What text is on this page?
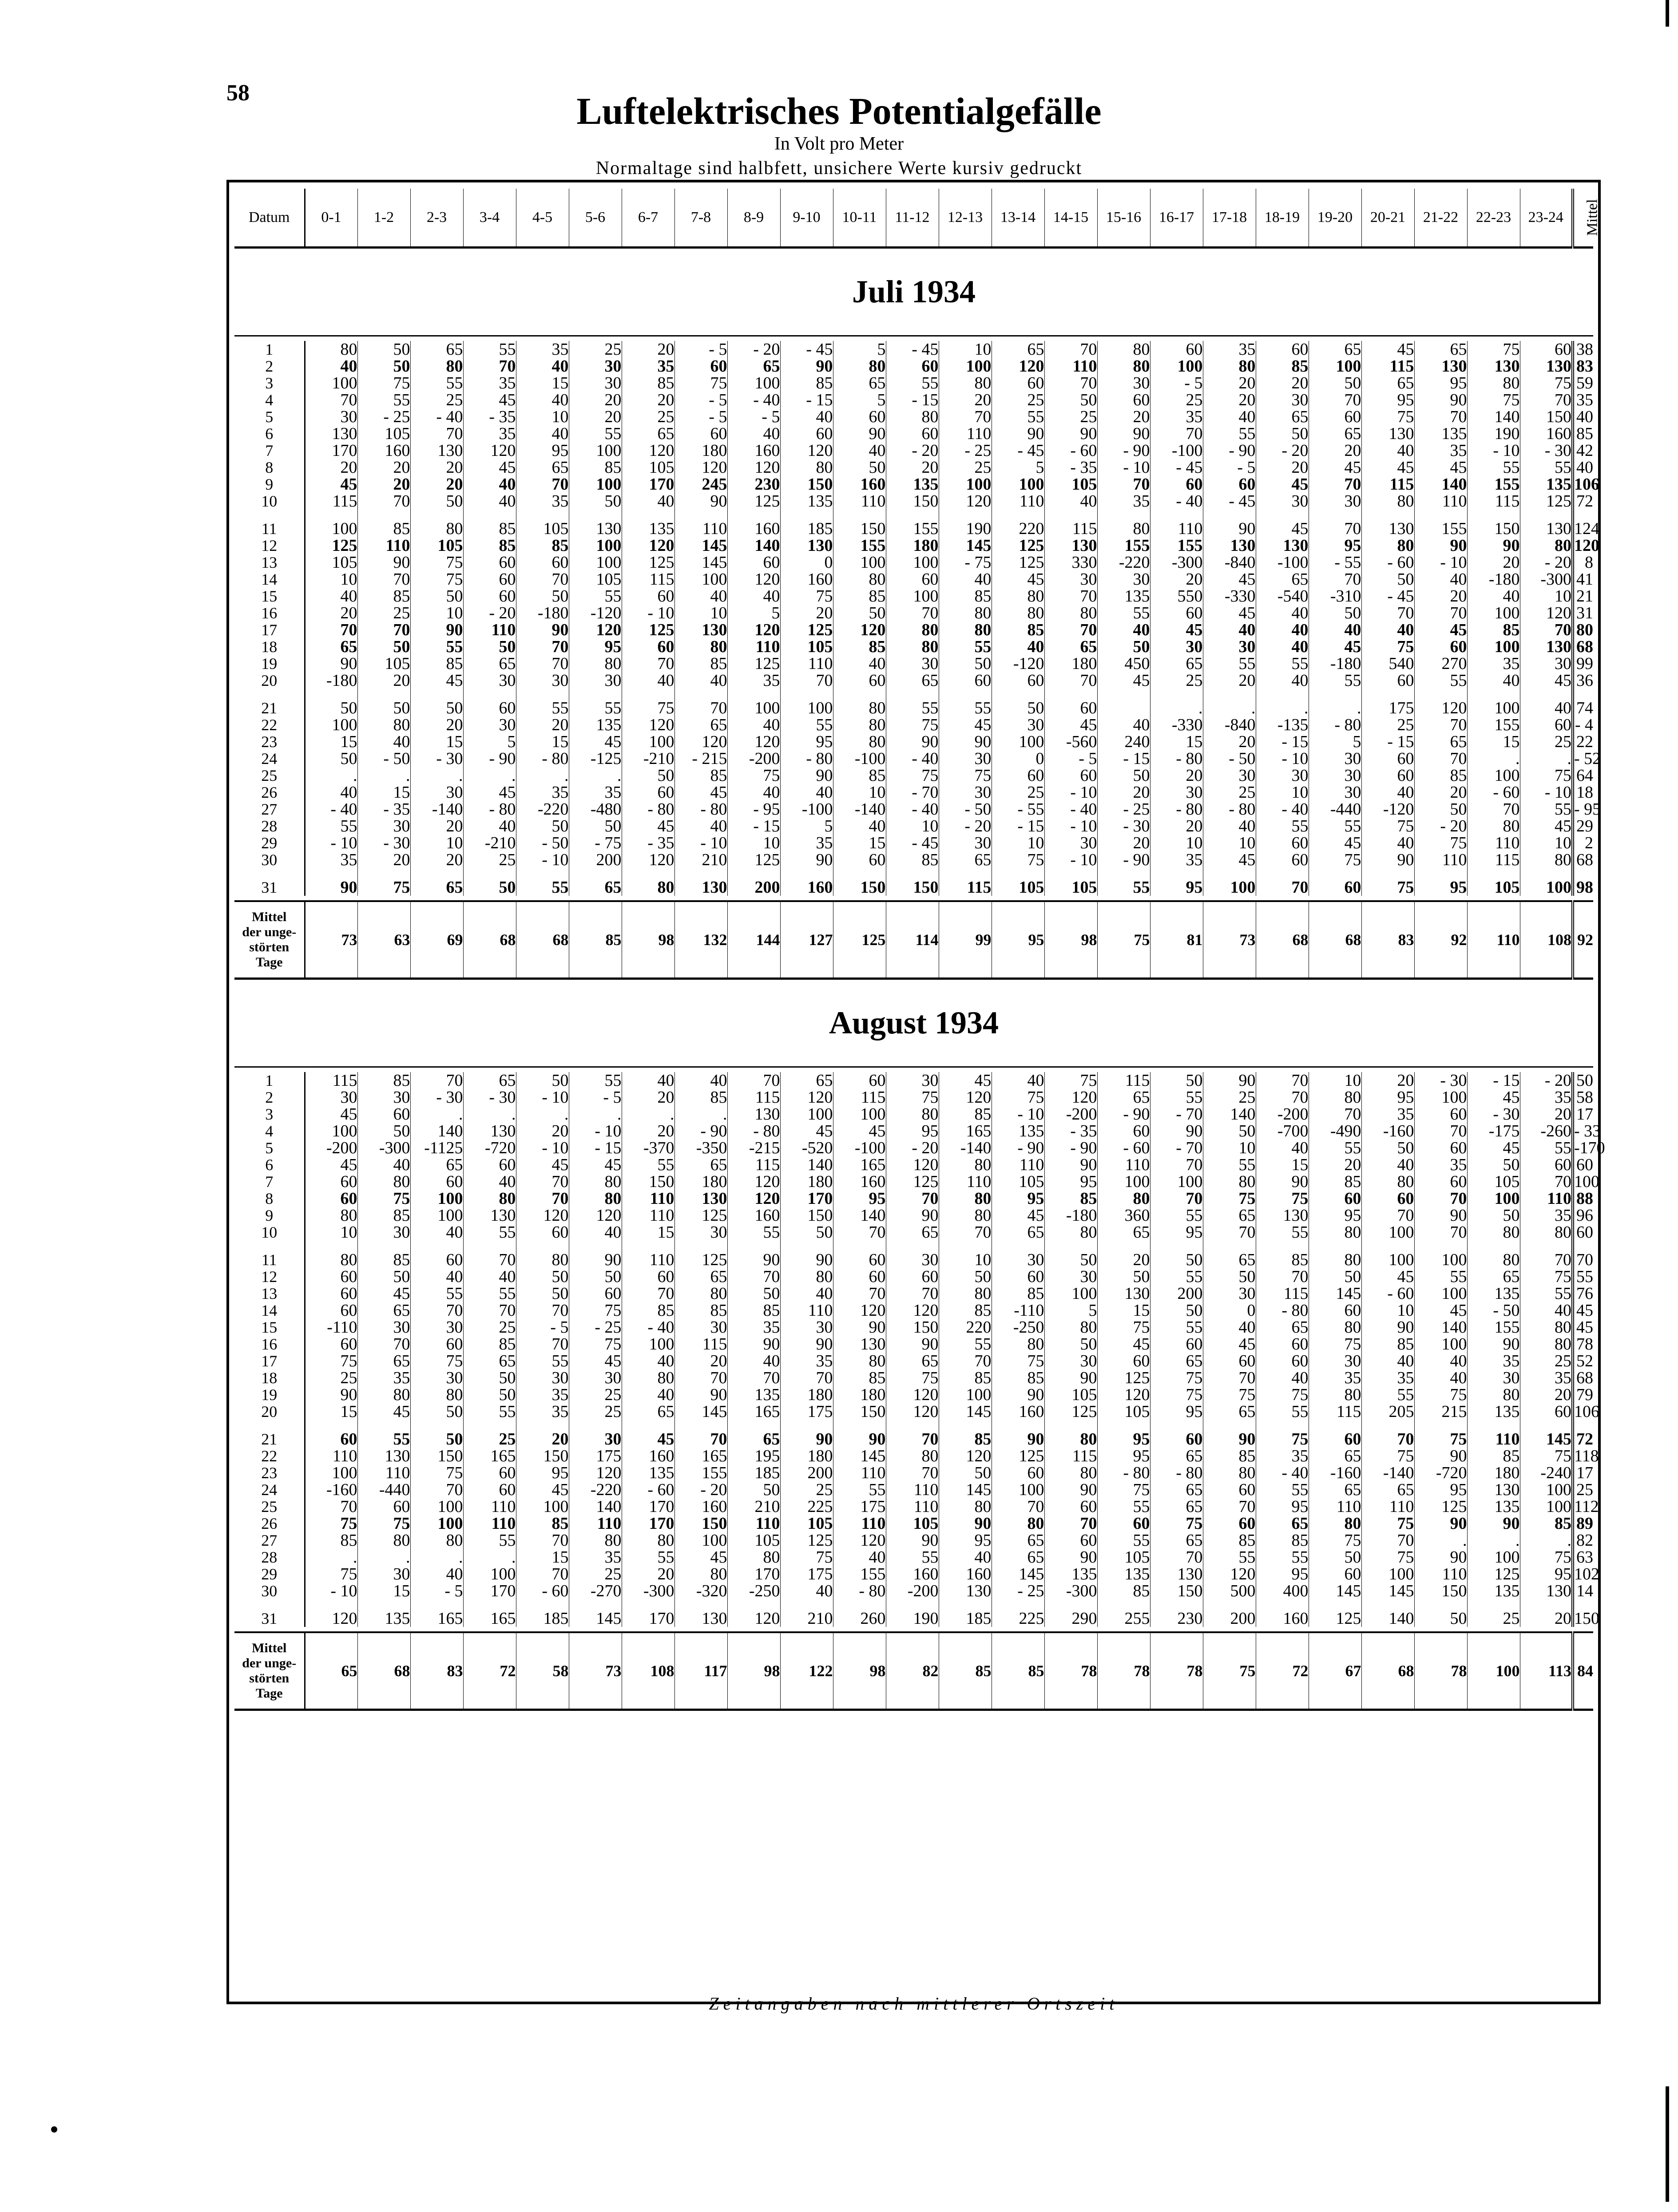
58	Luftelektrisches Potentialgefälle
In Volt pro Meter
Normaltage sind halbfett, unsichere Werte kursiv gedruckt
Datum	0-1	1-2	2-3	3-4	4-5	5-6	6-7	7-8	8-9	9-10	10-11	11-12	12-13	13-14	14-15	15-16	16-17	17-18	18-19	19-20	20-21	21-22	22-23	23-24	Mittel
Juli 1934																									

1	80	50	65	55	35	25	20	- 5	- 20	- 45	5	- 45	10	65	70	80	60	35	60	65	45	65	75	60	38
2	40	50	80	70	40	30	35	60	65	90	80	60	100	120	110	80	100	80	85	100	115	130	130	130	83
3	100	75	55	35	15	30	85	75	100	85	65	55	80	60	70	30	- 5	20	20	50	65	95	80	75	59
4	70	55	25	45	40	20	20	- 5	- 40	- 15	5	- 15	20	25	50	60	25	20	30	70	95	90	75	70	35
5	30	- 25	- 40	- 35	10	20	25	- 5	- 5	40	60	80	70	55	25	20	35	40	65	60	75	70	140	150	40
6	130	105	70	35	40	55	65	60	40	60	90	60	110	90	90	90	70	55	50	65	130	135	190	160	85
7	170	160	130	120	95	100	120	180	160	120	40	- 20	- 25	- 45	- 60	- 90	-100	- 90	- 20	20	40	35	- 10	- 30	42
8	20	20	20	45	65	85	105	120	120	80	50	20	25	5	- 35	- 10	- 45	- 5	20	45	45	45	55	55	40
9	45	20	20	40	70	100	170	245	230	150	160	135	100	100	105	70	60	60	45	70	115	140	155	135	106
10	115	70	50	40	35	50	40	90	125	135	110	150	120	110	40	35	- 40	- 45	30	30	80	110	115	125	72
11	100	85	80	85	105	130	135	110	160	185	150	155	190	220	115	80	110	90	45	70	130	155	150	130	124
12	125	110	105	85	85	100	120	145	140	130	155	180	145	125	130	155	155	130	130	95	80	90	90	80	120
13	105	90	75	60	60	100	125	145	60	0	100	100	- 75	125	330	-220	-300	-840	-100	- 55	- 60	- 10	20	- 20	8
14	10	70	75	60	70	105	115	100	120	160	80	60	40	45	30	30	20	45	65	70	50	40	-180	-300	41
15	40	85	50	60	50	55	60	40	40	75	85	100	85	80	70	135	550	-330	-540	-310	- 45	20	40	10	21
16	20	25	10	- 20	-180	-120	- 10	10	5	20	50	70	80	80	80	55	60	45	40	50	70	70	100	120	31
17	70	70	90	110	90	120	125	130	120	125	120	80	80	85	70	40	45	40	40	40	40	45	85	70	80
18	65	50	55	50	70	95	60	80	110	105	85	80	55	40	65	50	30	30	40	45	75	60	100	130	68
19	90	105	85	65	70	80	70	85	125	110	40	30	50	-120	180	450	65	55	55	-180	540	270	35	30	99
20	-180	20	45	30	30	30	40	40	35	70	60	65	60	60	70	45	25	20	40	55	60	55	40	45	36
21	50	50	50	60	55	55	75	70	100	100	80	55	55	50	60		.	.	.	.	175	120	100	40	74
22	100	80	20	30	20	135	120	65	40	55	80	75	45	30	45	40	-330	-840	-135	- 80	25	70	155	60	- 4
23	15	40	15	5	15	45	100	120	120	95	80	90	90	100	-560	240	15	20	- 15	5	- 15	65	15	25	22
24	50	- 50	- 30	- 90	- 80	-125	-210	- 215	-200	- 80	-100	- 40	30	0	- 5	- 15	- 80	- 50	- 10	30	60	70	.	.	- 52
25	.	.	.	.	.	.	50	85	75	90	85	75	75	60	60	50	20	30	30	30	60	85	100	75	64
26	40	15	30	45	35	35	60	45	40	40	10	- 70	30	25	- 10	20	30	25	10	30	40	20	- 60	- 10	18
27	- 40	- 35	-140	- 80	-220	-480	- 80	- 80	- 95	-100	-140	- 40	- 50	- 55	- 40	- 25	- 80	- 80	- 40	-440	-120	50	70	55	- 95
28	55	30	20	40	50	50	45	40	- 15	5	40	10	- 20	- 15	- 10	- 30	20	40	55	55	75	- 20	80	45	29
29	- 10	- 30	10	-210	- 50	- 75	- 35	- 10	10	35	15	- 45	30	10	30	20	10	10	60	45	40	75	110	10	2
30	35	20	20	25	- 10	200	120	210	125	90	60	85	65	75	- 10	- 90	35	45	60	75	90	110	115	80	68
31	90	75	65	50	55	65	80	130	200	160	150	150	115	105	105	55	95	100	70	60	75	95	105	100	98

Mittel
der unge-
störten
Tage	73	63	69	68	68	85	98	132	144	127	125	114	99	95	98	75	81	73	68	68	83	92	110	108	92
August 1934																									

1	115	85	70	65	50	55	40	40	70	65	60	30	45	40	75	115	50	90	70	10	20	- 30	- 15	- 20	50
2	30	30	- 30	- 30	- 10	- 5	20	85	115	120	115	75	120	75	120	65	55	25	70	80	95	100	45	35	58
3	45	60	.	.	.	.	.	.	130	100	100	80	85	- 10	-200	- 90	- 70	140	-200	70	35	60	- 30	20	17
4	100	50	140	130	20	- 10	20	- 90	- 80	45	45	95	165	135	- 35	60	90	50	-700	-490	-160	70	-175	-260	- 33
5	-200	-300	-1125	-720	- 10	- 15	-370	-350	-215	-520	-100	- 20	-140	- 90	- 90	- 60	- 70	10	40	55	50	60	45	55	-170
6	45	40	65	60	45	45	55	65	115	140	165	120	80	110	90	110	70	55	15	20	40	35	50	60	60
7	60	80	60	40	70	80	150	180	120	180	160	125	110	105	95	100	100	80	90	85	80	60	105	70	100
8	60	75	100	80	70	80	110	130	120	170	95	70	80	95	85	80	70	75	75	60	60	70	100	110	88
9	80	85	100	130	120	120	110	125	160	150	140	90	80	45	-180	360	55	65	130	95	70	90	50	35	96
10	10	30	40	55	60	40	15	30	55	50	70	65	70	65	80	65	95	70	55	80	100	70	80	80	60
11	80	85	60	70	80	90	110	125	90	90	60	30	10	30	50	20	50	65	85	80	100	100	80	70	70
12	60	50	40	40	50	50	60	65	70	80	60	60	50	60	30	50	55	50	70	50	45	55	65	75	55
13	60	45	55	55	50	60	70	80	50	40	70	70	80	85	100	130	200	30	115	145	- 60	100	135	55	76
14	60	65	70	70	70	75	85	85	85	110	120	120	85	-110	5	15	50	0	- 80	60	10	45	- 50	40	45
15	-110	30	30	25	- 5	- 25	- 40	30	35	30	90	150	220	-250	80	75	55	40	65	80	90	140	155	80	45
16	60	70	60	85	70	75	100	115	90	90	130	90	55	80	50	45	60	45	60	75	85	100	90	80	78
17	75	65	75	65	55	45	40	20	40	35	80	65	70	75	30	60	65	60	60	30	40	40	35	25	52
18	25	35	30	50	30	30	80	70	70	70	85	75	85	85	90	125	75	70	40	35	35	40	30	35	68
19	90	80	80	50	35	25	40	90	135	180	180	120	100	90	105	120	75	75	75	80	55	75	80	20	79
20	15	45	50	55	35	25	65	145	165	175	150	120	145	160	125	105	95	65	55	115	205	215	135	60	106
21	60	55	50	25	20	30	45	70	65	90	90	70	85	90	80	95	60	90	75	60	70	75	110	145	72
22	110	130	150	165	150	175	160	165	195	180	145	80	120	125	115	95	65	85	35	65	75	90	85	75	118
23	100	110	75	60	95	120	135	155	185	200	110	70	50	60	80	- 80	- 80	80	- 40	-160	-140	-720	180	-240	17
24	-160	-440	70	60	45	-220	- 60	- 20	50	25	55	110	145	100	90	75	65	60	55	65	65	95	130	100	25
25	70	60	100	110	100	140	170	160	210	225	175	110	80	70	60	55	65	70	95	110	110	125	135	100	112
26	75	75	100	110	85	110	170	150	110	105	110	105	90	80	70	60	75	60	65	80	75	90	90	85	89
27	85	80	80	55	70	80	80	100	105	125	120	90	95	65	60	55	65	85	85	75	70	.	.	.	82
28	.	.	.	.	15	35	55	45	80	75	40	55	40	65	90	105	70	55	55	50	75	90	100	75	63
29	75	30	40	100	70	25	20	80	170	175	155	160	160	145	135	135	130	120	95	60	100	110	125	95	102
30	- 10	15	- 5	170	- 60	-270	-300	-320	-250	40	- 80	-200	130	- 25	-300	85	150	500	400	145	145	150	135	130	14
31	120	135	165	165	185	145	170	130	120	210	260	190	185	225	290	255	230	200	160	125	140	50	25	20	150

Mittel
der unge-
störten
Tage	65	68	83	72	58	73	108	117	98	122	98	82	85	85	78	78	78	75	72	67	68	78	100	113	84
Zeitangaben nach mittlerer Ortszeit
